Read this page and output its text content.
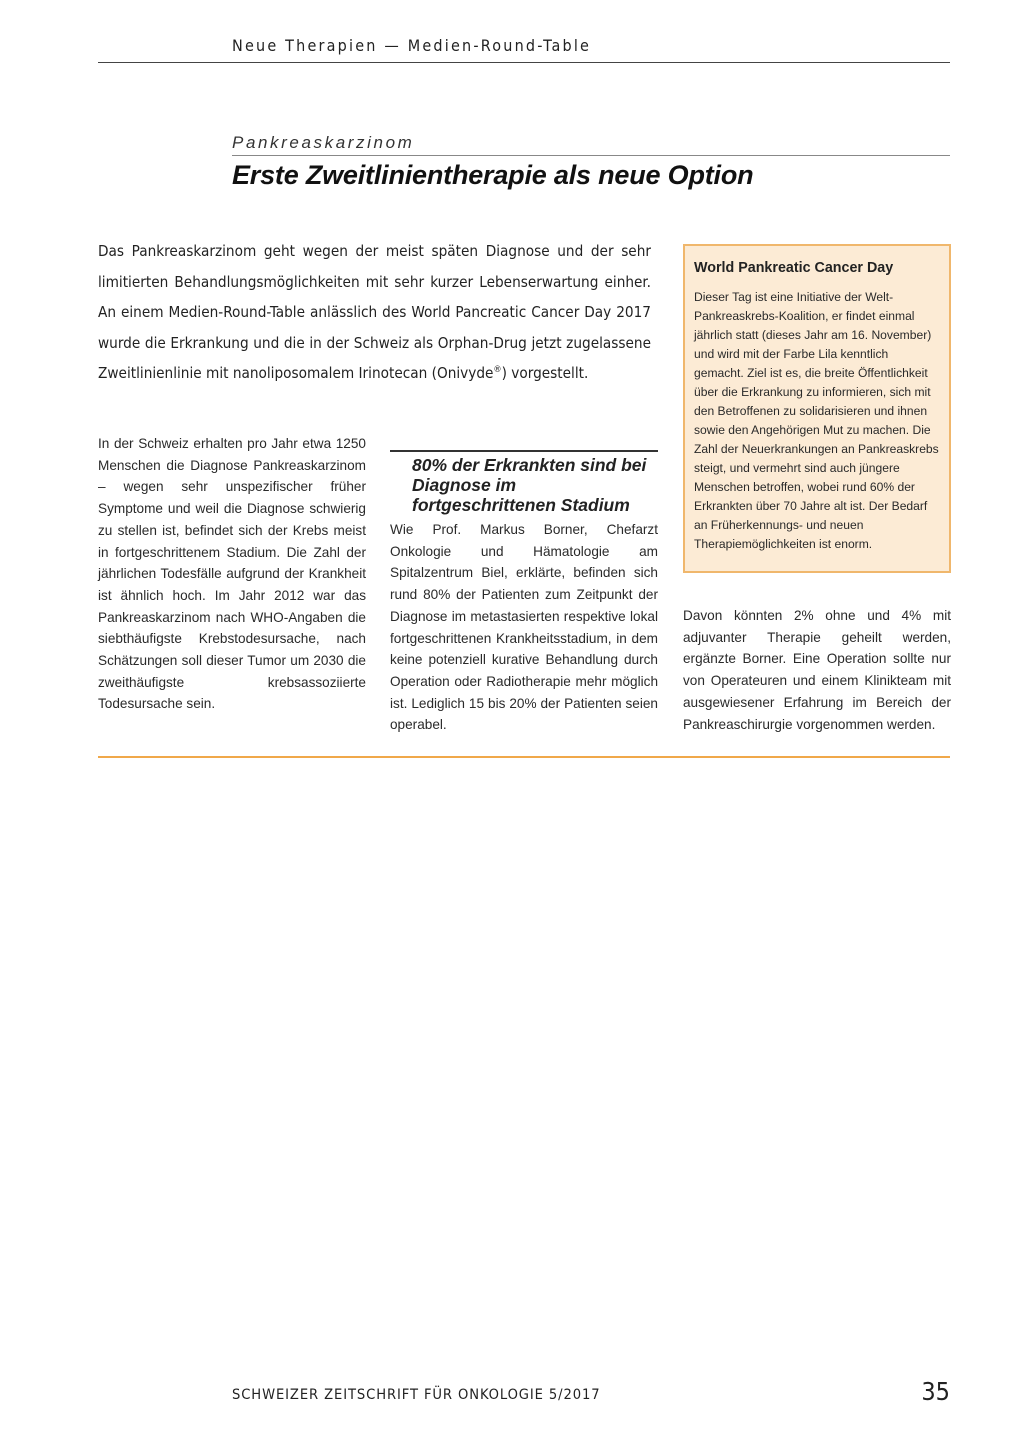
Neue Therapien — Medien-Round-Table
Pankreaskarzinom
Erste Zweitlinientherapie als neue Option

Das Pankreaskarzinom geht wegen der meist späten Diagnose und der sehr limitierten Behandlungsmöglichkeiten mit sehr kurzer Lebenserwartung einher. An einem Medien-Round-Table anlässlich des World Pancreatic Cancer Day 2017 wurde die Erkrankung und die in der Schweiz als Orphan-Drug jetzt zugelassene Zweitlinienlinie mit nanoliposomalem Irinotecan (Onivyde®) vorgestellt.

World Pankreatic Cancer Day

Dieser Tag ist eine Initiative der Welt-Pankreaskrebs-Koalition, er findet einmal jährlich statt (dieses Jahr am 16. November) und wird mit der Farbe Lila kenntlich gemacht. Ziel ist es, die breite Öffentlichkeit über die Erkrankung zu informieren, sich mit den Betroffenen zu solidarisieren und ihnen sowie den Angehörigen Mut zu machen. Die Zahl der Neuerkrankungen an Pankreaskrebs steigt, und vermehrt sind auch jüngere Menschen betroffen, wobei rund 60% der Erkrankten über 70 Jahre alt ist. Der Bedarf an Früherkennungs- und neuen Therapiemöglichkeiten ist enorm.

In der Schweiz erhalten pro Jahr etwa 1250 Menschen die Diagnose Pankreaskarzinom – wegen sehr unspezifischer früher Symptome und weil die Diagnose schwierig zu stellen ist, befindet sich der Krebs meist in fortgeschrittenem Stadium. Die Zahl der jährlichen Todesfälle aufgrund der Krankheit ist ähnlich hoch. Im Jahr 2012 war das Pankreaskarzinom nach WHO-Angaben die siebthäufigste Krebstodesursache, nach Schätzungen soll dieser Tumor um 2030 die zweithäufigste krebsassoziierte Todesursache sein.

80% der Erkrankten sind bei Diagnose im fortgeschrittenen Stadium

Wie Prof. Markus Borner, Chefarzt Onkologie und Hämatologie am Spitalzentrum Biel, erklärte, befinden sich rund 80% der Patienten zum Zeitpunkt der Diagnose im metastasierten respektive lokal fortgeschrittenen Krankheitsstadium, in dem keine potenziell kurative Behandlung durch Operation oder Radiotherapie mehr möglich ist. Lediglich 15 bis 20% der Patienten seien operabel.

Davon könnten 2% ohne und 4% mit adjuvanter Therapie geheilt werden, ergänzte Borner. Eine Operation sollte nur von Operateuren und einem Klinikteam mit ausgewiesener Erfahrung im Bereich der Pankreaschirurgie vorgenommen werden.

SCHWEIZER ZEITSCHRIFT FÜR ONKOLOGIE 5/2017	35
